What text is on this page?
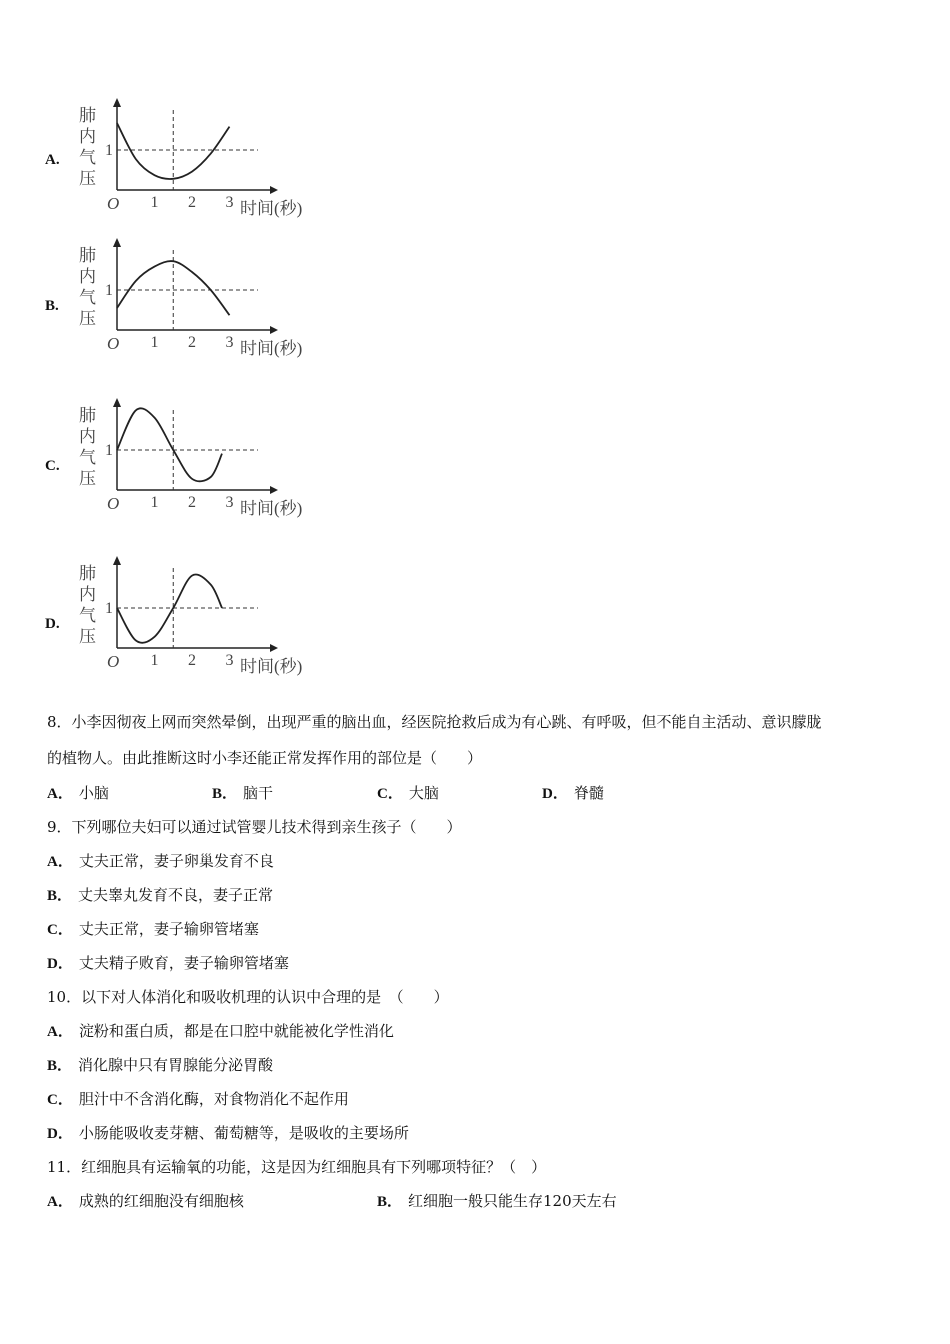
A.
B.
C.
D.
肺
内
气
压
1
O 1 2 3 时间(秒)
肺
内
气
压
1
O 1 2 3 时间(秒)
肺
内
气
压
1
O 1 2 3 时间(秒)
肺
内
气
压
1
O 1 2 3 时间(秒)
8．小李因彻夜上网而突然晕倒，出现严重的脑出血，经医院抢救后成为有心跳、有呼吸，但不能自主活动、意识朦胧
的植物人。由此推断这时小李还能正常发挥作用的部位是（　　）
A． 小脑	B． 脑干	C． 大脑	D． 脊髓
9．下列哪位夫妇可以通过试管婴儿技术得到亲生孩子（　　）
A． 丈夫正常，妻子卵巢发育不良
B． 丈夫睾丸发育不良，妻子正常
C． 丈夫正常，妻子输卵管堵塞
D． 丈夫精子败育，妻子输卵管堵塞
10．以下对人体消化和吸收机理的认识中合理的是　（　　）
A． 淀粉和蛋白质，都是在口腔中就能被化学性消化
B． 消化腺中只有胃腺能分泌胃酸
C． 胆汁中不含消化酶，对食物消化不起作用
D． 小肠能吸收麦芽糖、葡萄糖等，是吸收的主要场所
11．红细胞具有运输氧的功能，这是因为红细胞具有下列哪项特征？（　）
A． 成熟的红细胞没有细胞核	B． 红细胞一般只能生存120天左右
